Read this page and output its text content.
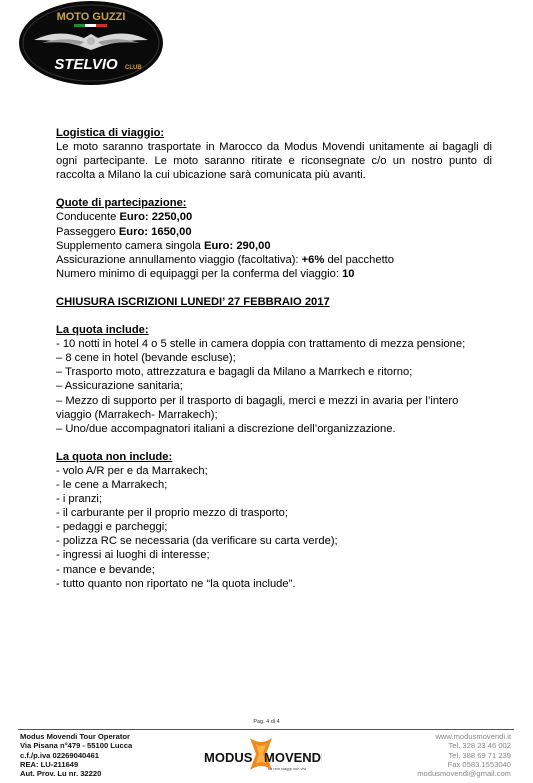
MOTO GUZZI
STELVIO CLUB
Logistica di viaggio:
Le moto saranno trasportate in Marocco da Modus Movendi unitamente ai bagagli di ogni partecipante. Le moto saranno ritirate e riconsegnate c/o un nostro punto di raccolta a Milano la cui ubicazione sarà comunicata più avanti.
Quote di partecipazione:
Conducente Euro: 2250,00
Passeggero Euro: 1650,00
Supplemento camera singola Euro: 290,00
Assicurazione annullamento viaggio (facoltativa): +6% del pacchetto
Numero minimo di equipaggi per la conferma del viaggio: 10
CHIUSURA ISCRIZIONI LUNEDI’ 27 FEBBRAIO 2017
La quota include:
- 10 notti in hotel 4 o 5 stelle in camera doppia con trattamento di mezza pensione;
– 8 cene in hotel (bevande escluse);
– Trasporto moto, attrezzatura e bagagli da Milano a Marrkech e ritorno;
– Assicurazione sanitaria;
– Mezzo di supporto per il trasporto di bagagli, merci e mezzi in avaria per l’intero viaggio (Marrakech- Marrakech);
– Uno/due accompagnatori italiani a discrezione dell’organizzazione.
La quota non include:
- volo A/R per e da Marrakech;
- le cene a Marrakech;
- i pranzi;
- il carburante per il proprio mezzo di trasporto;
- pedaggi e parcheggi;
- polizza RC se necessaria (da verificare su carta verde);
- ingressi ai luoghi di interesse;
- mance e bevande;
- tutto quanto non riportato ne “la quota include”.
Pag. 4 di 4
Modus Movendi Tour Operator
Via Pisana n°479 - 55100 Lucca
c.f./p.iva 02269040461
REA: LU-211649
Aut. Prov. Lu nr. 32220
MODUS MOVENDI
se non viaggi non vivi
www.modusmovendi.it
Tel. 328 23 46 002
Tel. 388 69 71 239
Fax 0583.1553040
modusmovendi@gmail.com
